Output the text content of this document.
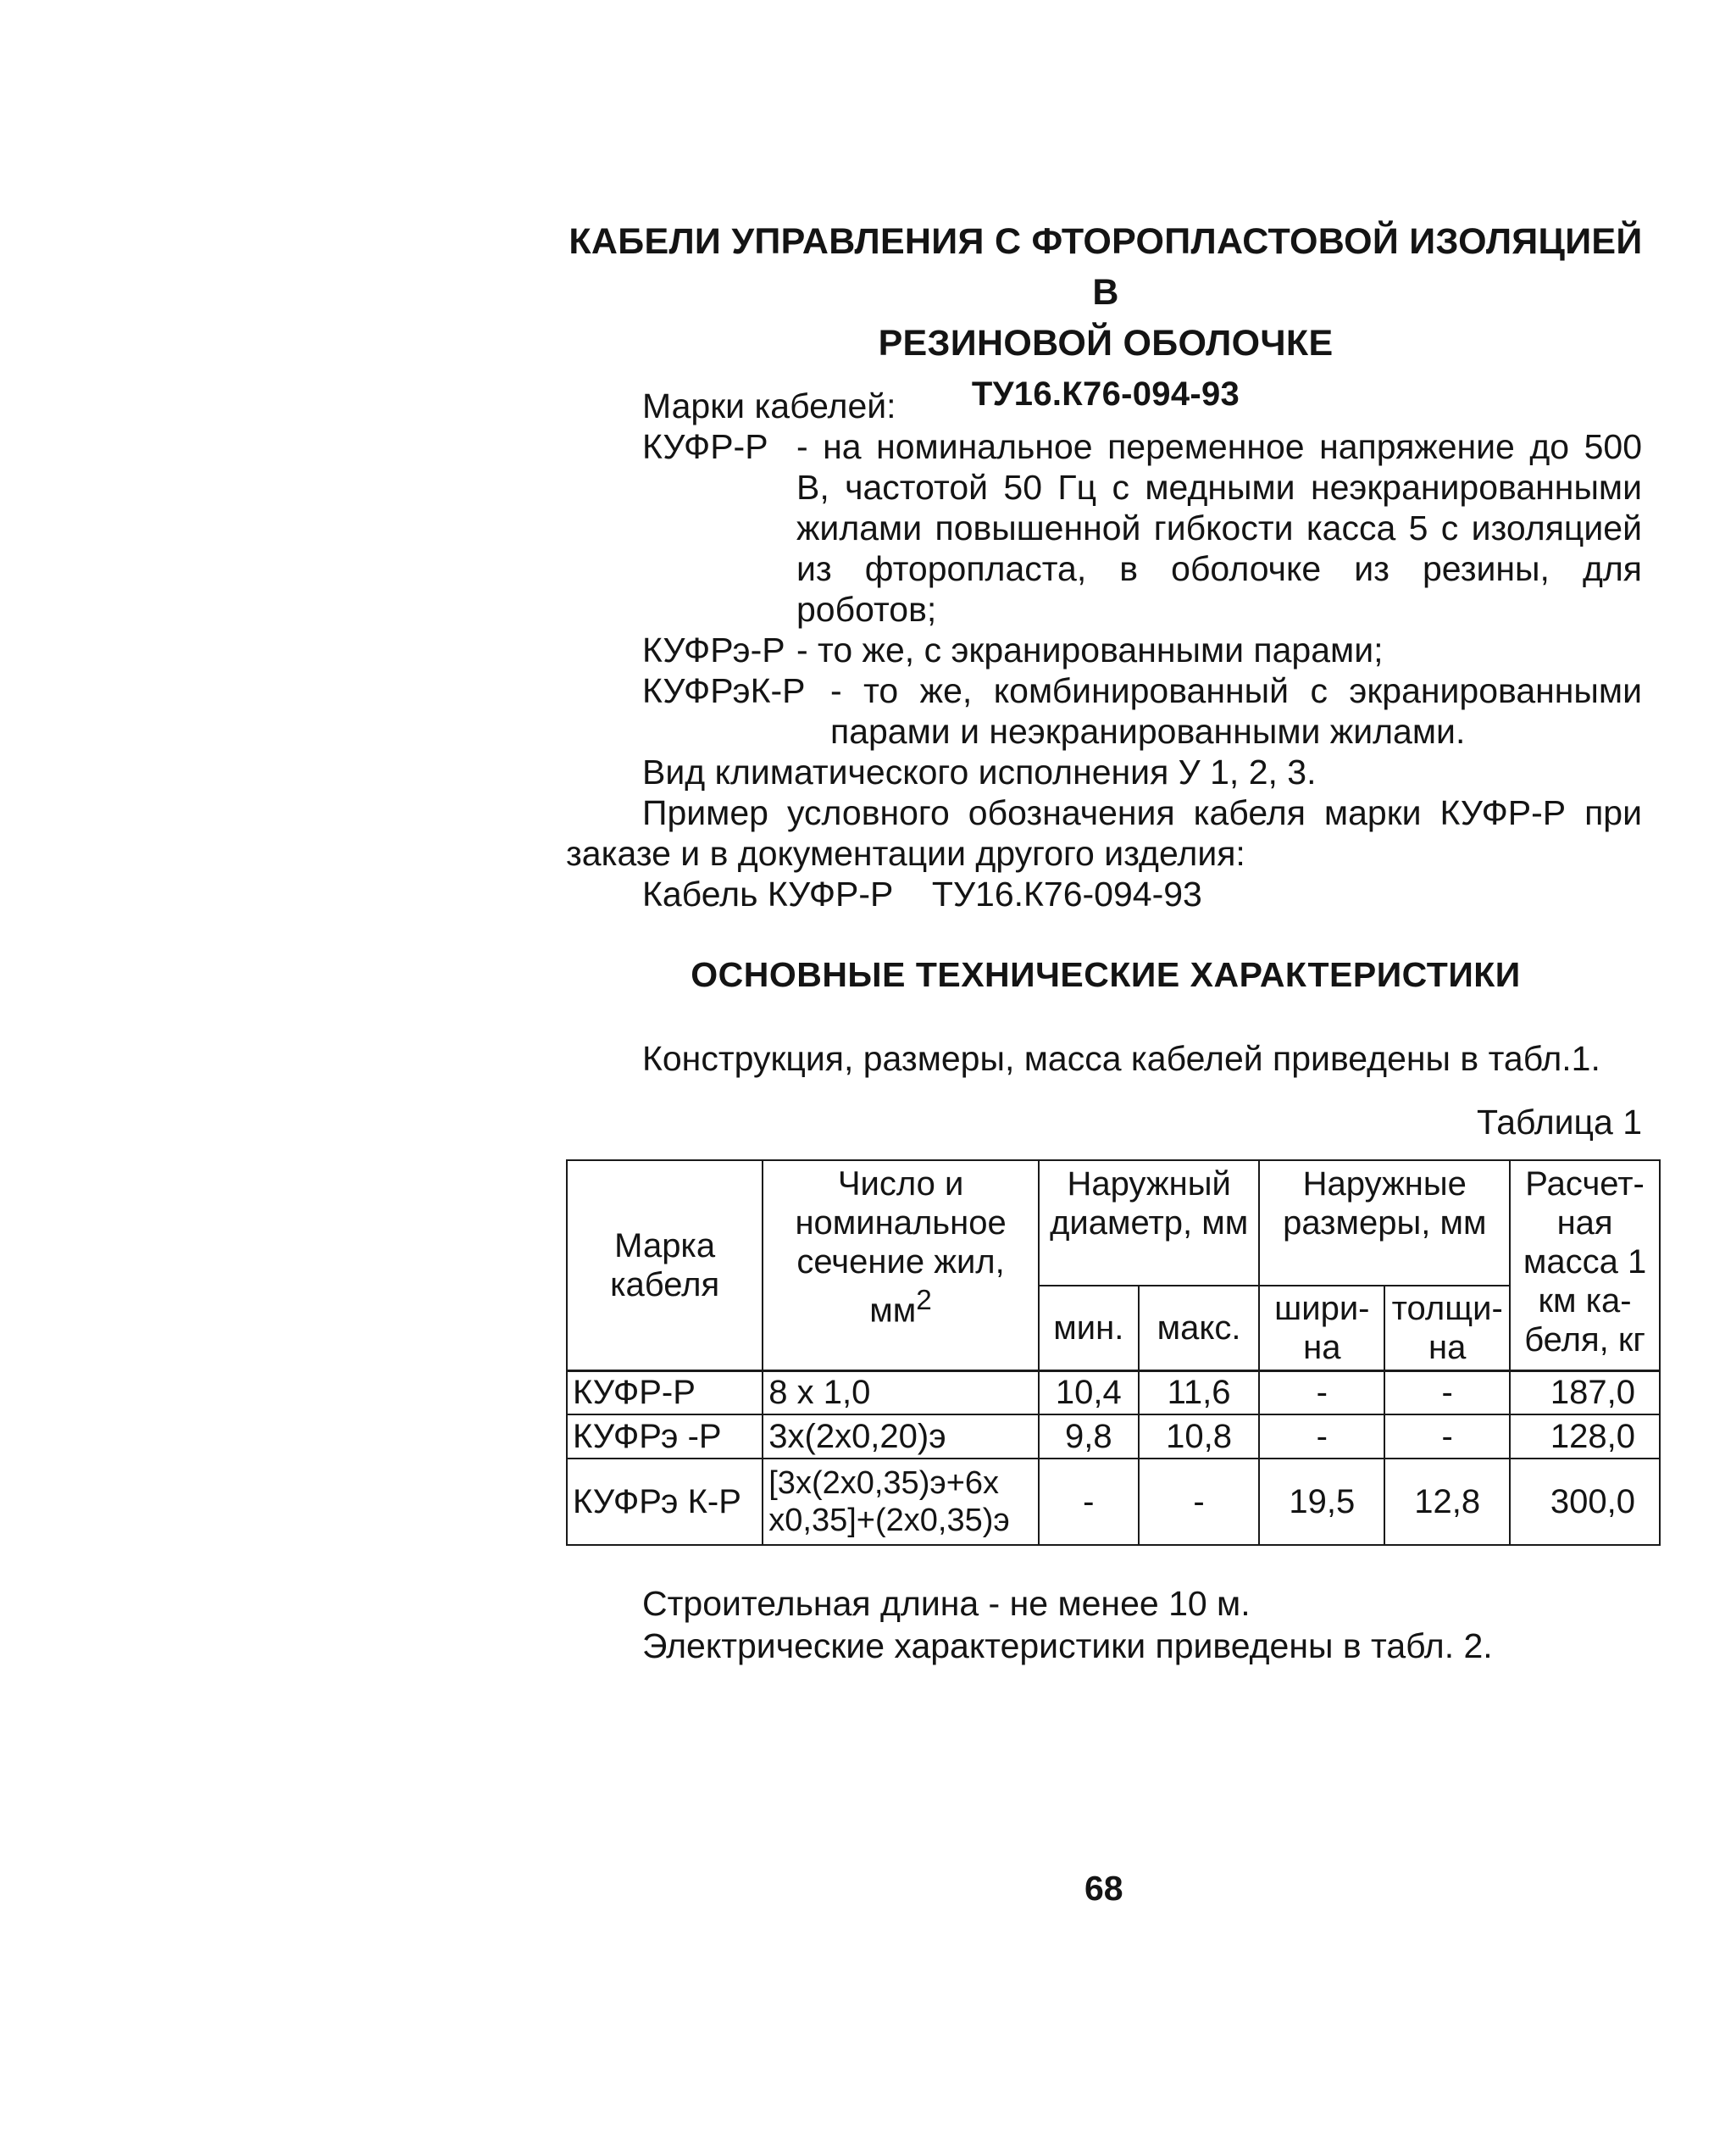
КАБЕЛИ УПРАВЛЕНИЯ С ФТОРОПЛАСТОВОЙ ИЗОЛЯЦИЕЙ В
РЕЗИНОВОЙ ОБОЛОЧКЕ
ТУ16.К76-094-93
Марки кабелей:
КУФР-Р - на номинальное переменное напряжение до 500 В, частотой 50 Гц с медными неэкранированными жилами повышенной гибкости касса 5 с изоляцией из фторопласта, в оболочке из резины, для роботов;
КУФРэ-Р - то же, с экранированными парами;
КУФРэК-Р - то же, комбинированный с экранированными парами и неэкранированными жилами.
Вид климатического исполнения У 1, 2, 3.
Пример условного обозначения кабеля марки КУФР-Р при
заказе и в документации другого изделия:
Кабель КУФР-Р    ТУ16.К76-094-93
ОСНОВНЫЕ ТЕХНИЧЕСКИЕ ХАРАКТЕРИСТИКИ
Конструкция, размеры, масса кабелей приведены в табл.1.
Таблица 1
Марка кабеля	Число и номинальное сечение жил, $мм^2$	Наружный диаметр, мм		Наружные размеры, мм		Расчет-ная масса 1 км ка-беля, кг
		мин.	макс.	шири-на	толщи-на	
КУФР-Р	8 х 1,0	10,4	11,6	-	-	187,0
КУФРэ -Р	3х(2х0,20)э	9,8	10,8	-	-	128,0
КУФРэ К-Р	[3х(2х0,35)э+6х х0,35]+(2х0,35)э	-	-	19,5	12,8	300,0
Строительная длина - не менее 10 м.
Электрические характеристики приведены в табл. 2.
68
